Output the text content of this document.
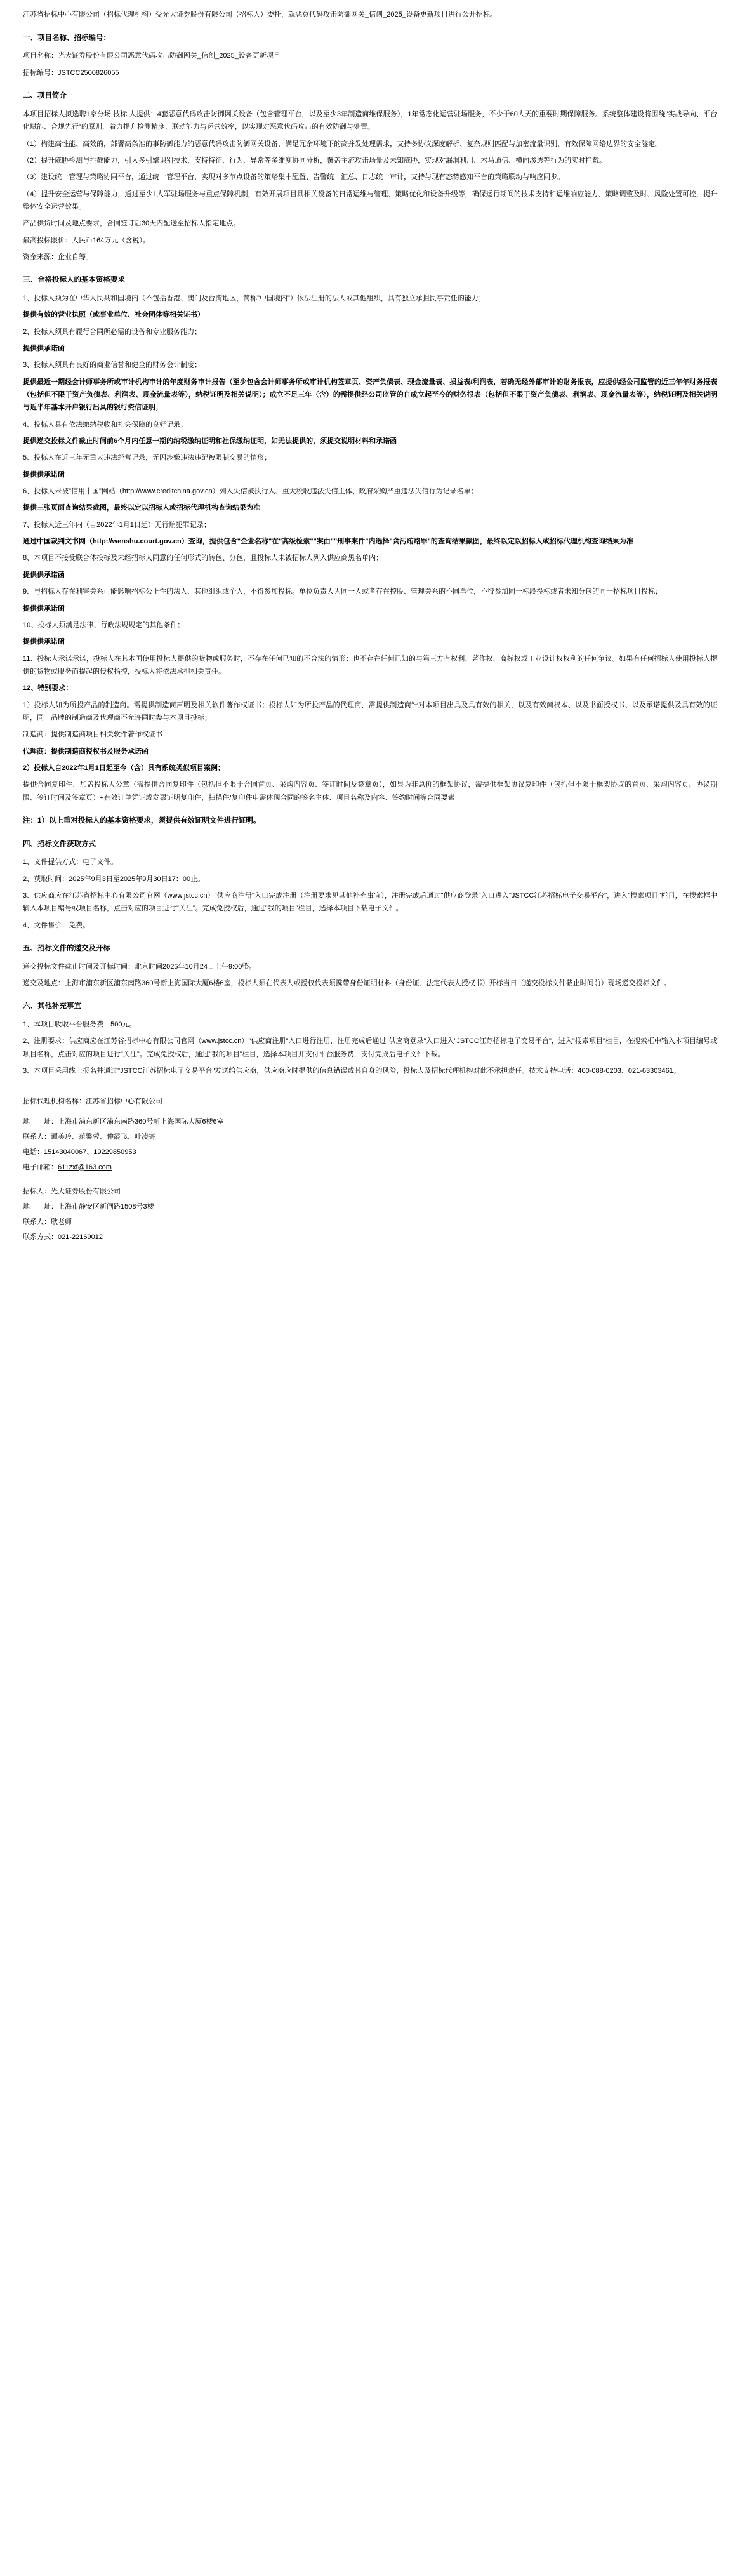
江苏省招标中心有限公司（招标代理机构）受光大证券股份有限公司（招标人）委托，就恶意代码攻击防御网关_信创_2025_设备更新项目进行公开招标。

一、项目名称、招标编号：

项目名称：光大证券股份有限公司恶意代码攻击防御网关_信创_2025_设备更新项目

招标编号：JSTCC2500826055

二、项目简介

本项目招标人拟选聘1家分场 技标 人提供：4套恶意代码攻击防御网关设备（包含管理平台，以及至少3年制造商维保服务），1年常态化运营驻场服务，不少于60人天的重要时期保障服务。系统整体建设将围绕"实战导向、平台化赋能、合规先行"的原则，着力提升检测精度、联动能力与运营效率，以实现对恶意代码攻击的有效防御与处置。

（1）构建高性能、高效的，部署高条准的事防御能力的恶意代码攻击防御网关设备，满足冗余环境下的高并发处理需求，支持多协议深度解析、复杂规则匹配与加密流量识别，有效保障网络边界的安全隧定。

（2）提升威胁检测与拦截能力，引入多引擎识别技术，支持特征、行为、异常等多维度协同分析，覆盖主流攻击场景及未知威胁，实现对漏洞利用、木马通信、横向渗透等行为的实时拦截。

（3）建设统一管理与策略协同平台，通过统一管理平台，实现对多节点设备的策略集中配置、告警统一汇总、日志统一审计，支持与现有态势感知平台的策略联动与响应同步。

（4）提升安全运营与保障能力，通过至少1人军驻场服务与重点保障机制，有效开展项目具相关设备的日常运维与管理、策略优化和设备升级等，确保运行期间的技术支持和运维响应能力、策略调整及时、风险处置可控，提升整体安全运营效果。

产品供货时间及地点要求，合同签订后30天内配送至招标人指定地点。

最高投标限价：人民币164万元（含税）。

资金来源：企业自筹。

三、合格投标人的基本资格要求

1、投标人须为在中华人民共和国境内（不包括香港、澳门及台湾地区，简称"中国境内"）依法注册的法人或其他组织，具有独立承担民事责任的能力；

提供有效的营业执照（或事业单位、社会团体等相关证书）

2、投标人须具有履行合同所必需的设备和专业服务能力；

提供供承诺函

3、投标人须具有良好的商业信誉和健全的财务会计制度；

提供最近一期经会计师事务所或审计机构审计的年度财务审计报告（至少包含会计师事务所或审计机构签章页、资产负债表、现金流量表、损益表/利润表，若确无经外部审计的财务报表，应提供经公司监管的近三年年财务报表（包括但不限于资产负债表、利润表、现金流量表等），纳税证明及相关说明）；成立不足三年（含）的需提供经公司监管的自成立起至今的财务报表（包括但不限于资产负债表、利润表、现金流量表等），纳税证明及相关说明与近半年基本开户银行出具的银行资信证明；

4、投标人具有依法缴纳税收和社会保障的良好记录；

提供递交投标文件截止时间前6个月内任意一期的纳税缴纳证明和社保缴纳证明，如无法提供的，须提交说明材料和承诺函

5、投标人在近三年无重大违法经营记录，无因涉嫌违法违纪被限制交易的情形；

提供供承诺函

6、投标人未被"信用中国"网站（http://www.creditchina.gov.cn）列入失信被执行人、重大税收违法失信主体、政府采购严重违法失信行为记录名单；

提供三张页面查询结果截图，最终以定以招标人或招标代理机构查询结果为准

7、投标人近三年内（自2022年1月1日起）无行贿犯罪记录；

通过中国裁判文书网（http://wenshu.court.gov.cn）查询，提供包含"企业名称"在"高级检索""案由""刑事案件"内选择"贪污贿赂罪"的查询结果截图，最终以定以招标人或招标代理机构查询结果为准

8、本项目不接受联合体投标及未经招标人同意的任何形式的转包、分包，且投标人未被招标人列入供应商黑名单内；

提供供承诺函

9、与招标人存在利害关系可能影响招标公正性的法人、其他组织或个人，不得参加投标。单位负责人为同一人或者存在控股、管理关系的不同单位，不得参加同一标段投标或者未知分包的同一招标项目投标；

提供供承诺函

10、投标人须满足法律、行政法规规定的其他条件；

提供供承诺函

11、投标人承诺承诺，投标人在其本国使用投标人提供的货物或服务时，不存在任何已知的不合法的情形；也不存在任何已知的与第三方有权利、著作权、商标权或工业设计权权利的任何争议。如果有任何招标人使用投标人提供的货物或服务而提起的侵权指控，投标人将依法承担相关责任。

12、特别要求：

1）投标人如为所投产品的制造商。需提供制造商声明及相关软件著作权证书；投标人如为所投产品的代理商，需提供制造商针对本项目出具及具有效的相关，以及有效商权本、以及书面授权书、以及承诺提供及具有效的证明，同一品牌的制造商及代理商不允许同时参与本项目投标；

制造商：提供制造商项目相关软件著作权证书

代理商：提供制造商授权书及服务承诺函

2）投标人自2022年1月1日起至今（含）具有系统类似项目案例；

提供合同复印件，加盖投标人公章（需提供合同复印件（包括但不限于合同首页、采购内容页、签订时间及签章页），如果为非总价的框架协议，需提供框架协议复印件（包括但不限于框架协议的首页、采购内容页、协议期限、签订时间及签章页）+有效订单凭证或发票证明复印件，扫描件/复印件申需体现合同的签名主体、项目名称及内容、签约时间等合同要素

注：1）以上重对投标人的基本资格要求，须提供有效证明文件进行证明。
四、招标文件获取方式

1、文件提供方式：电子文件。

2、获取时间：2025年9月3日至2025年9月30日17：00止。

3、供应商应在江苏省招标中心有限公司官网（www.jstcc.cn）"供应商注册"入口完成注册（注册要求见其他补充事宜），注册完成后通过"供应商登录"入口进入"JSTCC江苏招标电子交易平台"，进入"搜索项目"栏目，在搜索框中输入本项目编号或项目名称，点击对应的项目进行"关注"。完成免授权后，通过"我的项目"栏目，选择本项目下载电子文件。

4、文件售价：免费。

五、招标文件的递交及开标

递交投标文件截止时间及开标时间：北京时间2025年10月24日上午9:00整。

递交及地点：上海市浦东新区浦东南路360号新上海国际大厦6楼6室，投标人须在代表人或授权代表须携带身份证明材料（身份证、法定代表人授权书）开标当日（递交投标文件截止时间前）现场递交投标文件。

六、其他补充事宜

1、本项目收取平台服务费：500元。

2、注册要求：供应商应在江苏省招标中心有限公司官网（www.jstcc.cn）"供应商注册"入口进行注册，注册完成后通过"供应商登录"入口进入"JSTCC江苏招标电子交易平台"，进入"搜索项目"栏目，在搜索框中输入本项目编号或项目名称，点击对应的项目进行"关注"。完成免授权后，通过"我的项目"栏目，选择本项目并支付平台服务费，支付完成后电子文件下载。

3、本项目采用线上报名并通过"JSTCC江苏招标电子交易平台"发送给供应商，供应商应时提供的信息错误或其自身的风险，投标人及招标代理机构对此不承担责任。技术支持电话：400-088-0203、021-63303461。

招标代理机构名称：江苏省招标中心有限公司

地　　址：上海市浦东新区浦东南路360号新上海国际大厦6楼6室

联系人：谭美玲、范馨蓉、仲霞飞、叶凌寄

电话：15143040067、19229850953

电子邮箱：611zxf@163.com

招标人：光大证券股份有限公司

地　　址：上海市静安区新闸路1508号3楼

联系人：耿老师

联系方式：021-22169012
